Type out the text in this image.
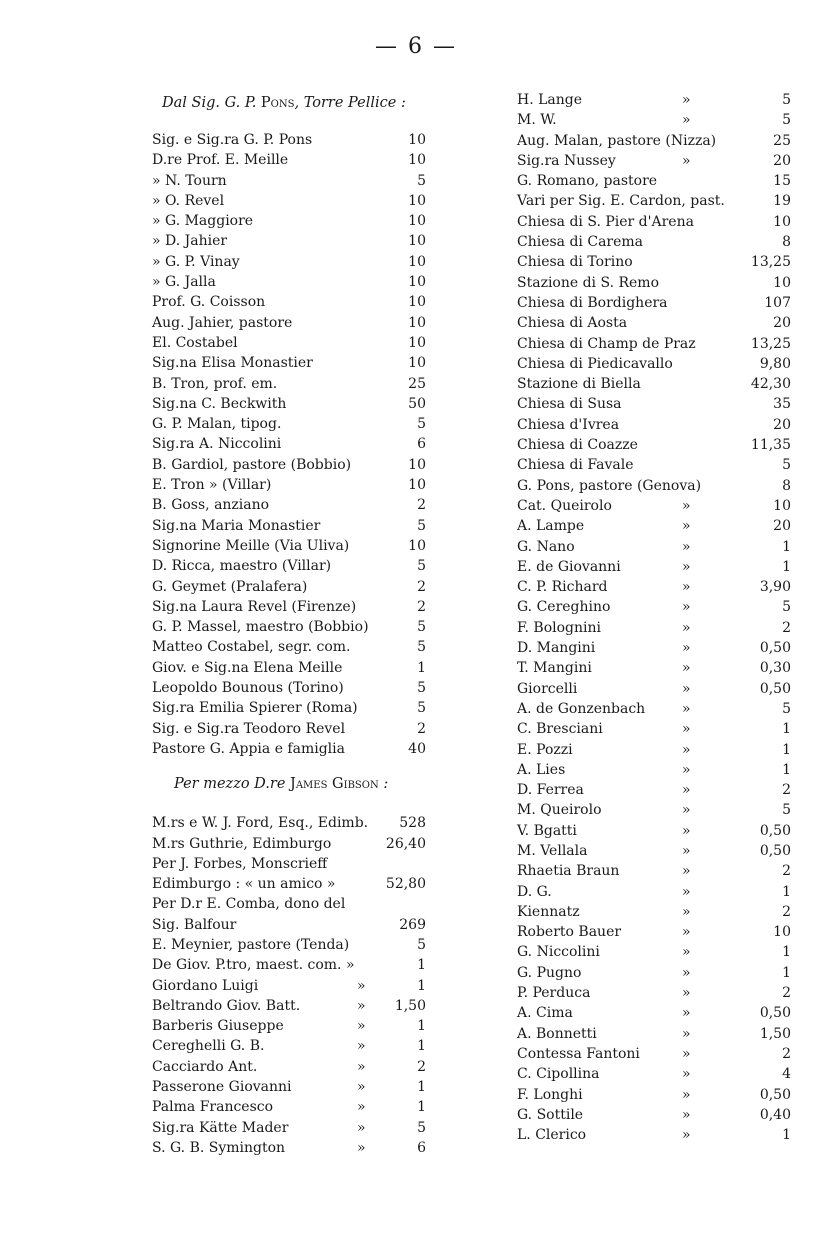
— 6 —
Dal Sig. G. P. Pons, Torre Pellice :
Sig. e Sig.ra G. P. Pons	10
D.re Prof. E. Meille	10
» N. Tourn	5
» O. Revel	10
» G. Maggiore	10
» D. Jahier	10
» G. P. Vinay	10
» G. Jalla	10
Prof. G. Coisson	10
Aug. Jahier, pastore	10
El. Costabel	10
Sig.na Elisa Monastier	10
B. Tron, prof. em.	25
Sig.na C. Beckwith	50
G. P. Malan, tipog.	5
Sig.ra A. Niccolini	6
B. Gardiol, pastore (Bobbio)	10
E. Tron » (Villar)	10
B. Goss, anziano	2
Sig.na Maria Monastier	5
Signorine Meille (Via Uliva)	10
D. Ricca, maestro (Villar)	5
G. Geymet (Pralafera)	2
Sig.na Laura Revel (Firenze)	2
G. P. Massel, maestro (Bobbio)	5
Matteo Costabel, segr. com.	5
Giov. e Sig.na Elena Meille	1
Leopoldo Bounous (Torino)	5
Sig.ra Emilia Spierer (Roma)	5
Sig. e Sig.ra Teodoro Revel	2
Pastore G. Appia e famiglia	40
Per mezzo D.re James Gibson :
M.rs e W. J. Ford, Esq., Edimb.	528
M.rs Guthrie, Edimburgo	26,40
Per J. Forbes, Monscrieff Edimburgo : « un amico »	52,80
Per D.r E. Comba, dono del Sig. Balfour	269
E. Meynier, pastore (Tenda)	5
De Giov. P.tro, maest. com. »	1
Giordano Luigi	»	1
Beltrando Giov. Batt.	»	1,50
Barberis Giuseppe	»	1
Cereghelli G. B.	»	1
Cacciardo Ant.	»	2
Passerone Giovanni	»	1
Palma Francesco	»	1
Sig.ra Kätte Mader	»	5
S. G. B. Symington	»	6
H. Lange	»	5
M. W.	»	5
Aug. Malan, pastore (Nizza)	25
Sig.ra Nussey	»	20
G. Romano, pastore	15
Vari per Sig. E. Cardon, past.	19
Chiesa di S. Pier d'Arena	10
Chiesa di Carema	8
Chiesa di Torino	13,25
Stazione di S. Remo	10
Chiesa di Bordighera	107
Chiesa di Aosta	20
Chiesa di Champ de Praz	13,25
Chiesa di Piedicavallo	9,80
Stazione di Biella	42,30
Chiesa di Susa	35
Chiesa d'Ivrea	20
Chiesa di Coazze	11,35
Chiesa di Favale	5
G. Pons, pastore (Genova)	8
Cat. Queirolo	»	10
A. Lampe	»	20
G. Nano	»	1
E. de Giovanni	»	1
C. P. Richard	»	3,90
G. Cereghino	»	5
F. Bolognini	»	2
D. Mangini	»	0,50
T. Mangini	»	0,30
Giorcelli	»	0,50
A. de Gonzenbach	»	5
C. Bresciani	»	1
E. Pozzi	»	1
A. Lies	»	1
D. Ferrea	»	2
M. Queirolo	»	5
V. Bgatti	»	0,50
M. Vellala	»	0,50
Rhaetia Braun	»	2
D. G.	»	1
Kiennatz	»	2
Roberto Bauer	»	10
G. Niccolini	»	1
G. Pugno	»	1
P. Perduca	»	2
A. Cima	»	0,50
A. Bonnetti	»	1,50
Contessa Fantoni	»	2
C. Cipollina	»	4
F. Longhi	»	0,50
G. Sottile	»	0,40
L. Clerico	»	1
